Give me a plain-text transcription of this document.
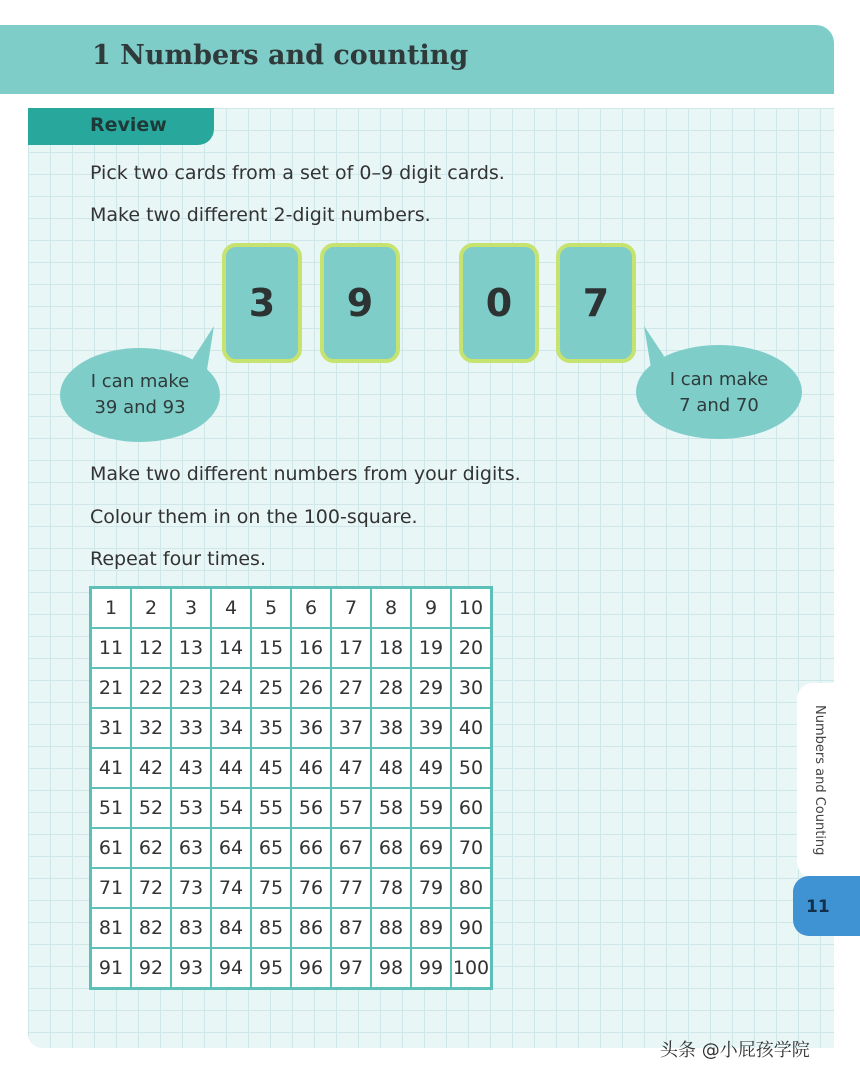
1 Numbers and counting
Review
Pick two cards from a set of 0–9 digit cards.
Make two different 2-digit numbers.
3	9	0	7
I can make
39 and 93
I can make
7 and 70
Make two different numbers from your digits.
Colour them in on the 100-square.
Repeat four times.
1	2	3	4	5	6	7	8	9	10
11	12	13	14	15	16	17	18	19	20
21	22	23	24	25	26	27	28	29	30
31	32	33	34	35	36	37	38	39	40
41	42	43	44	45	46	47	48	49	50
51	52	53	54	55	56	57	58	59	60
61	62	63	64	65	66	67	68	69	70
71	72	73	74	75	76	77	78	79	80
81	82	83	84	85	86	87	88	89	90
91	92	93	94	95	96	97	98	99	100
Numbers and Counting
11
头条 @小屁孩学院
